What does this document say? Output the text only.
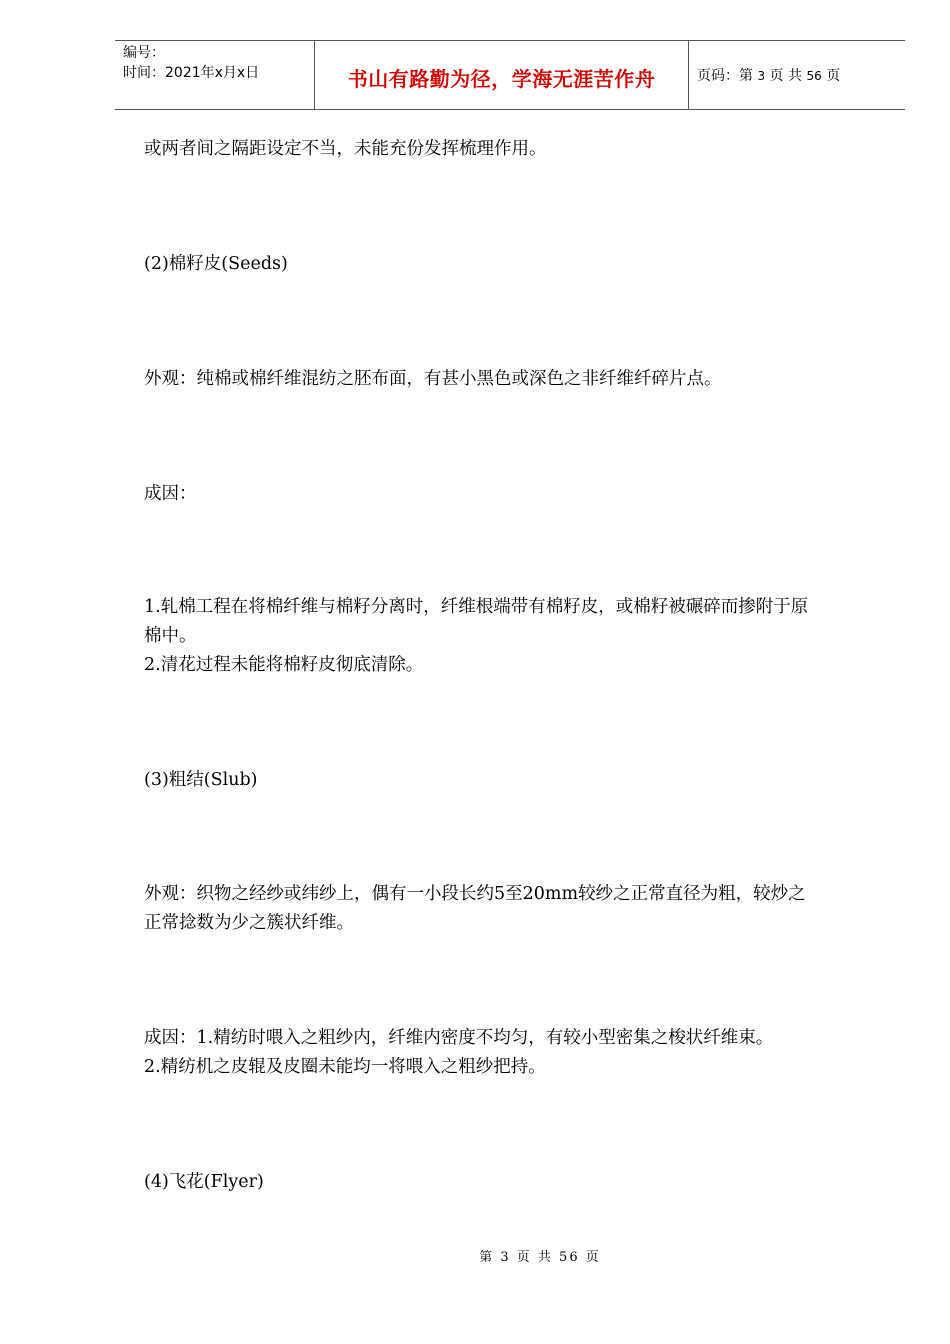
编号：
时间：2021年x月x日	书山有路勤为径，学海无涯苦作舟	页码：第 3 页 共 56 页
或两者间之隔距设定不当，未能充份发挥梳理作用。
(2)棉籽皮(Seeds)
外观：纯棉或棉纤维混纺之胚布面，有甚小黑色或深色之非纤维纤碎片点。
成因：
1.轧棉工程在将棉纤维与棉籽分离时，纤维根端带有棉籽皮，或棉籽被碾碎而掺附于原
棉中。
2.清花过程未能将棉籽皮彻底清除。
(3)粗结(Slub)
外观：织物之经纱或纬纱上，偶有一小段长约5至20mm较纱之正常直径为粗，较炒之
正常捻数为少之簇状纤维。
成因：1.精纺时喂入之粗纱内，纤维内密度不均匀，有较小型密集之梭状纤维束。
2.精纺机之皮辊及皮圈未能均一将喂入之粗纱把持。
(4)飞花(Flyer)
第 3 页 共 56 页
